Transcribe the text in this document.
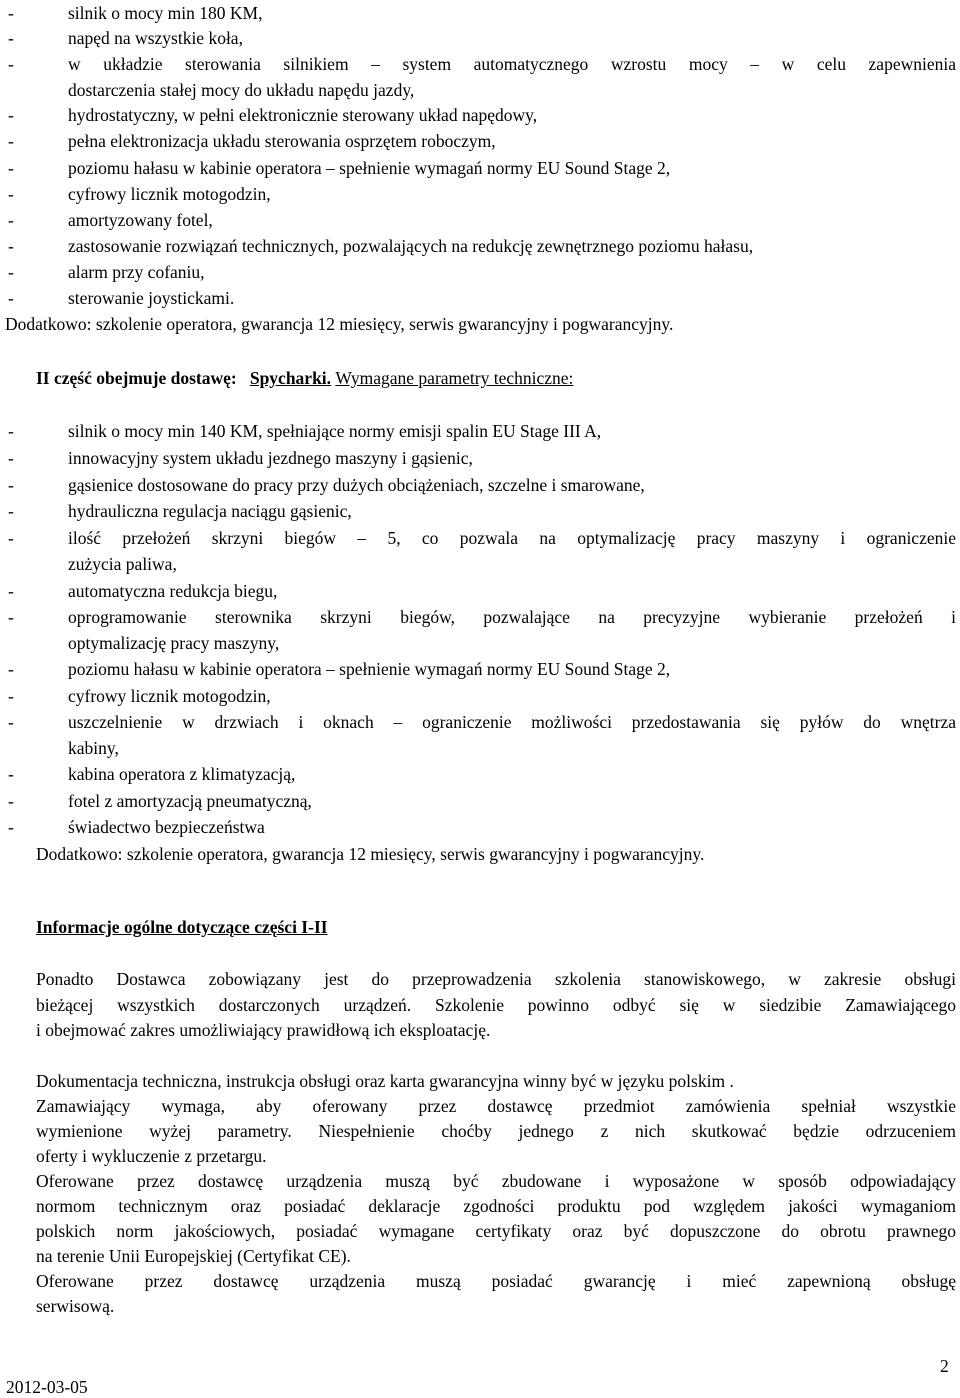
-	silnik o mocy min 180 KM,
-	napęd na wszystkie koła,
-	w układzie sterowania silnikiem – system automatycznego wzrostu mocy – w celu zapewnienia
dostarczenia stałej mocy do układu napędu jazdy,
-	hydrostatyczny, w pełni elektronicznie sterowany układ napędowy,
-	pełna elektronizacja układu sterowania osprzętem roboczym,
-	poziomu hałasu w kabinie operatora – spełnienie wymagań normy EU Sound Stage 2,
-	cyfrowy licznik motogodzin,
-	amortyzowany fotel,
-	zastosowanie rozwiązań technicznych, pozwalających na redukcję zewnętrznego poziomu hałasu,
-	alarm przy cofaniu,
-	sterowanie joystickami.
Dodatkowo: szkolenie operatora, gwarancja 12 miesięcy, serwis gwarancyjny i pogwarancyjny.
II część obejmuje dostawę: Spycharki. Wymagane parametry techniczne:
-	silnik o mocy min 140 KM, spełniające normy emisji spalin EU Stage III A,
-	innowacyjny system układu jezdnego maszyny i gąsienic,
-	gąsienice dostosowane do pracy przy dużych obciążeniach, szczelne i smarowane,
-	hydrauliczna regulacja naciągu gąsienic,
-	ilość przełożeń skrzyni biegów – 5, co pozwala na optymalizację pracy maszyny i ograniczenie
zużycia paliwa,
-	automatyczna redukcja biegu,
-	oprogramowanie sterownika skrzyni biegów, pozwalające na precyzyjne wybieranie przełożeń i
optymalizację pracy maszyny,
-	poziomu hałasu w kabinie operatora – spełnienie wymagań normy EU Sound Stage 2,
-	cyfrowy licznik motogodzin,
-	uszczelnienie w drzwiach i oknach – ograniczenie możliwości przedostawania się pyłów do wnętrza
kabiny,
-	kabina operatora z klimatyzacją,
-	fotel z amortyzacją pneumatyczną,
-	świadectwo bezpieczeństwa
Dodatkowo: szkolenie operatora, gwarancja 12 miesięcy, serwis gwarancyjny i pogwarancyjny.
Informacje ogólne dotyczące części I-II
Ponadto Dostawca zobowiązany jest do przeprowadzenia szkolenia stanowiskowego, w zakresie obsługi
bieżącej wszystkich dostarczonych urządzeń. Szkolenie powinno odbyć się w siedzibie Zamawiającego
i obejmować zakres umożliwiający prawidłową ich eksploatację.
Dokumentacja techniczna, instrukcja obsługi oraz karta gwarancyjna winny być w języku polskim .
Zamawiający wymaga, aby oferowany przez dostawcę przedmiot zamówienia spełniał wszystkie
wymienione wyżej parametry. Niespełnienie choćby jednego z nich skutkować będzie odrzuceniem
oferty i wykluczenie z przetargu.
Oferowane przez dostawcę urządzenia muszą być zbudowane i wyposażone w sposób odpowiadający
normom technicznym oraz posiadać deklaracje zgodności produktu pod względem jakości wymaganiom
polskich norm jakościowych, posiadać wymagane certyfikaty oraz być dopuszczone do obrotu prawnego
na terenie Unii Europejskiej (Certyfikat CE).
Oferowane przez dostawcę urządzenia muszą posiadać gwarancję i mieć zapewnioną obsługę
serwisową.
2
2012-03-05
